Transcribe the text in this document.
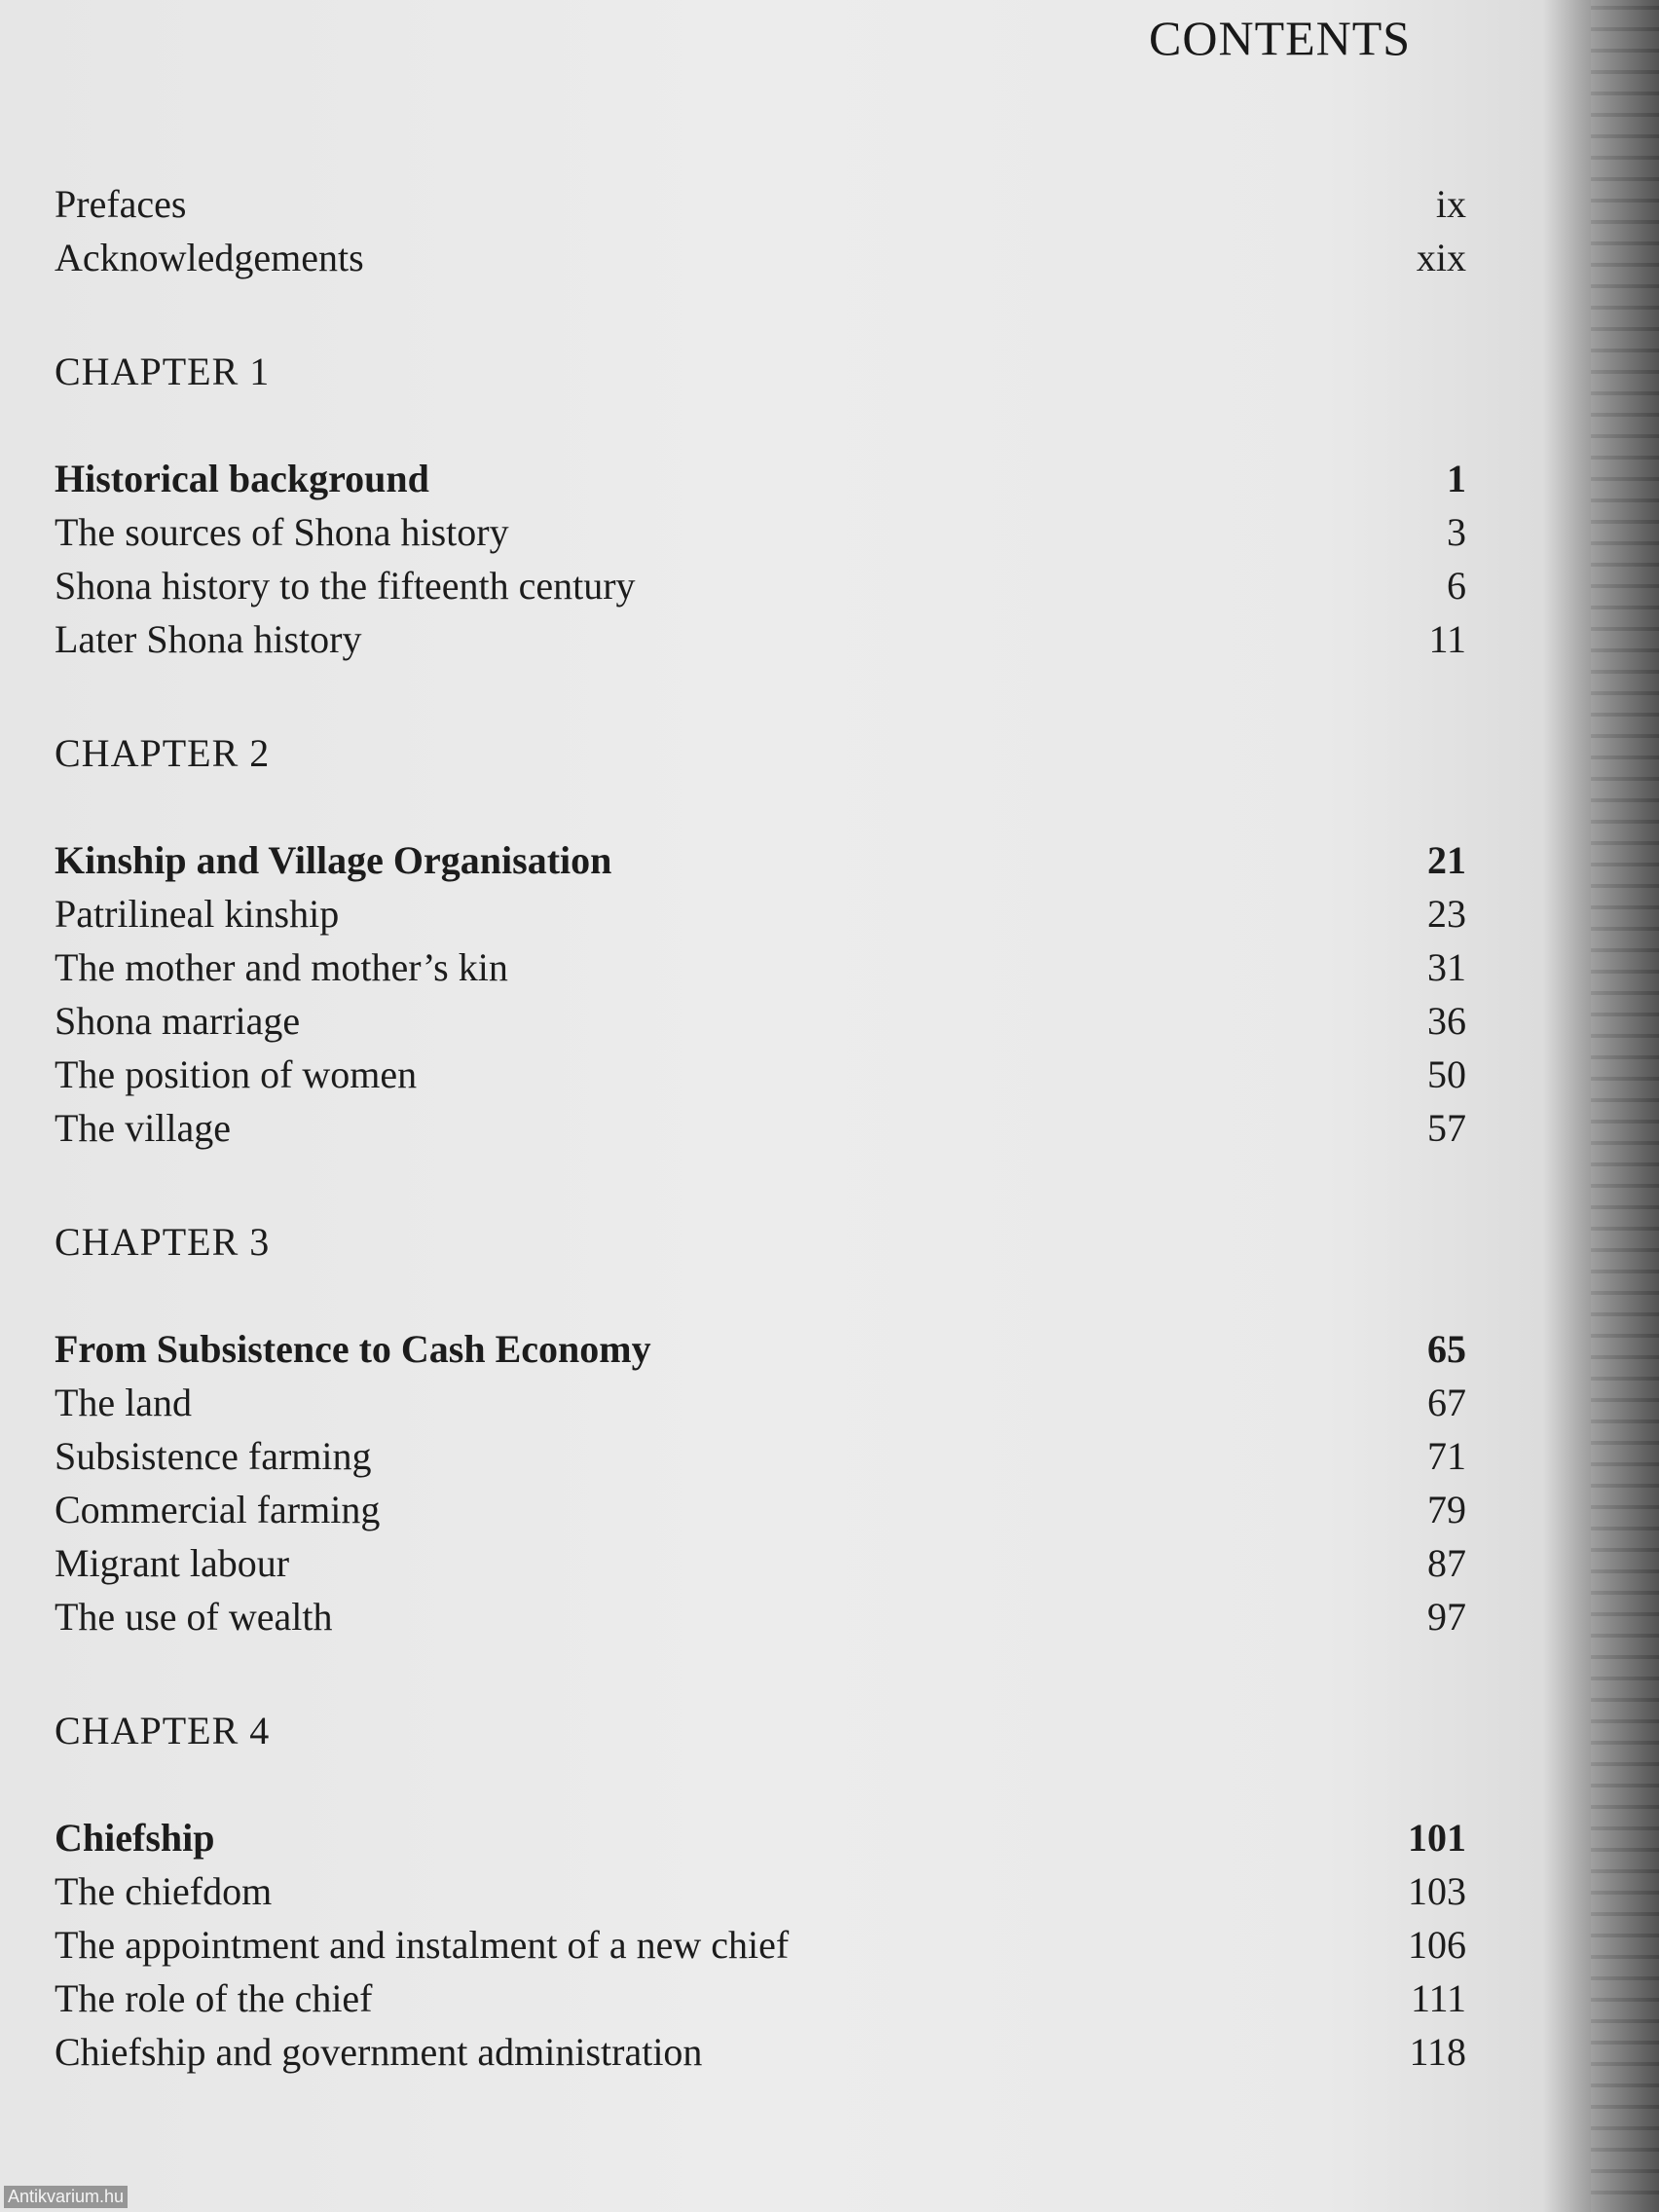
CONTENTS
Prefaces	ix
Acknowledgements	xix
CHAPTER 1
Historical background	1
The sources of Shona history	3
Shona history to the fifteenth century	6
Later Shona history	11
CHAPTER 2
Kinship and Village Organisation	21
Patrilineal kinship	23
The mother and mother’s kin	31
Shona marriage	36
The position of women	50
The village	57
CHAPTER 3
From Subsistence to Cash Economy	65
The land	67
Subsistence farming	71
Commercial farming	79
Migrant labour	87
The use of wealth	97
CHAPTER 4
Chiefship	101
The chiefdom	103
The appointment and instalment of a new chief	106
The role of the chief	111
Chiefship and government administration	118
Antikvarium.hu
